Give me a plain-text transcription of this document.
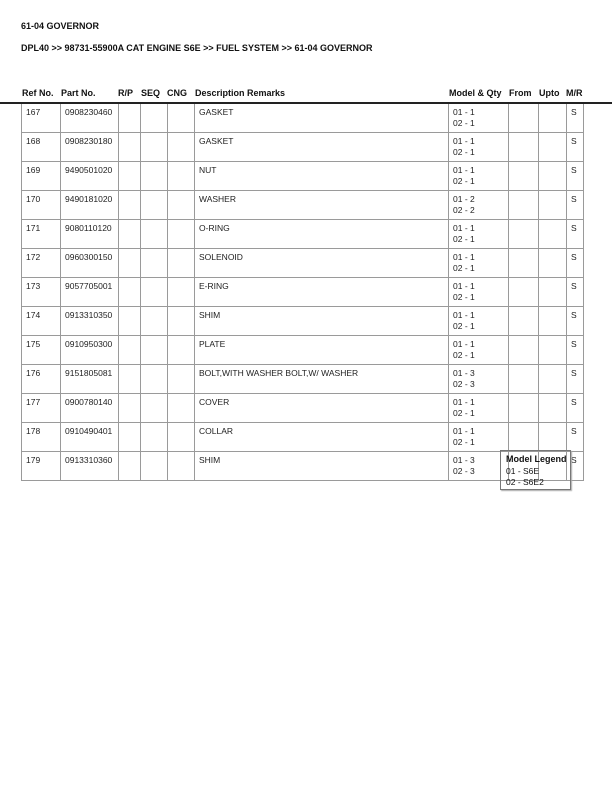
61-04 GOVERNOR
DPL40 >> 98731-55900A CAT ENGINE S6E >> FUEL SYSTEM >> 61-04 GOVERNOR
Ref No. Part No. R/P SEQ CNG Description Remarks	Model & Qty From Upto M/R
167	0908230460				GASKET	01 - 1
02 - 1			S
168	0908230180				GASKET	01 - 1
02 - 1			S
169	9490501020				NUT	01 - 1
02 - 1			S
170	9490181020				WASHER	01 - 2
02 - 2			S
171	9080110120				O-RING	01 - 1
02 - 1			S
172	0960300150				SOLENOID	01 - 1
02 - 1			S
173	9057705001				E-RING	01 - 1
02 - 1			S
174	0913310350				SHIM	01 - 1
02 - 1			S
175	0910950300				PLATE	01 - 1
02 - 1			S
176	9151805081				BOLT,WITH WASHER BOLT,W/ WASHER	01 - 3
02 - 3			S
177	0900780140				COVER	01 - 1
02 - 1			S
178	0910490401				COLLAR	01 - 1
02 - 1			S
179	0913310360				SHIM	01 - 3
02 - 3			S
Model Legend
01 - S6E
02 - S6E2
